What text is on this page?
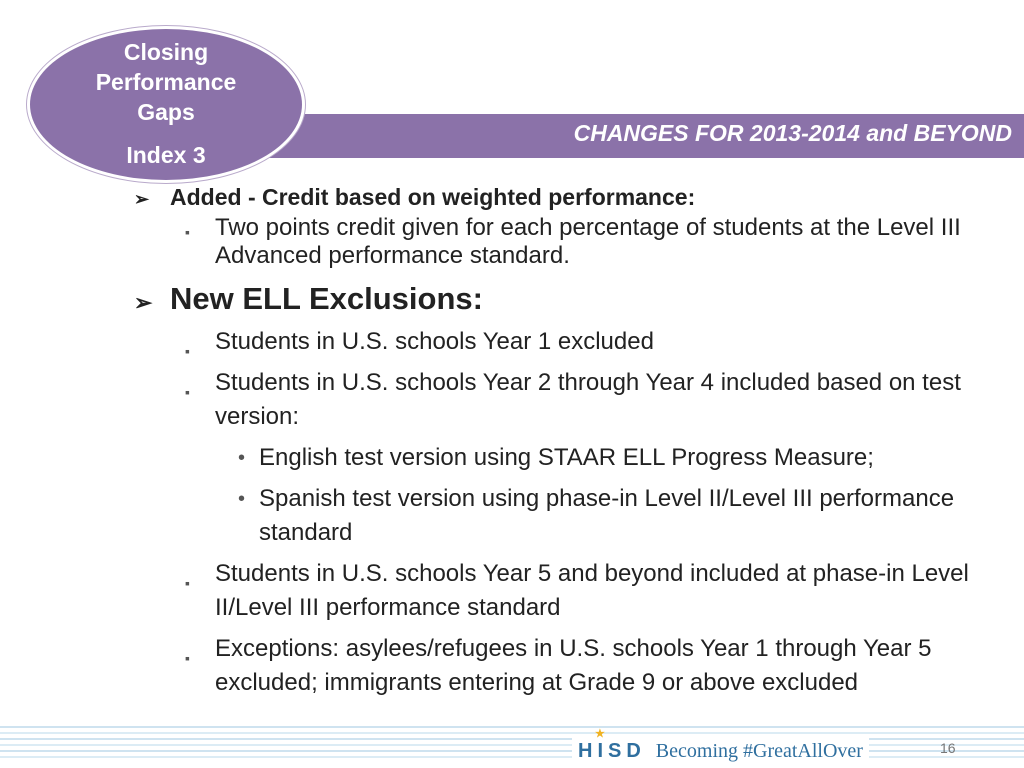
CHANGES FOR 2013-2014 and BEYOND
Closing
Performance
Gaps
Index 3
➢ Added - Credit based on weighted performance:
▪ Two points credit given for each percentage of students at the Level III Advanced performance standard.
➢ New ELL Exclusions:
▪ Students in U.S. schools Year 1 excluded
▪ Students in U.S. schools Year 2 through Year 4 included based on test version:
• English test version using STAAR ELL Progress Measure;
• Spanish test version using phase-in Level II/Level III performance standard
▪ Students in U.S. schools Year 5 and beyond included at phase-in Level II/Level III performance standard
▪ Exceptions: asylees/refugees in U.S. schools Year 1 through Year 5 excluded; immigrants entering at Grade 9 or above excluded
★
HISD Becoming #GreatAllOver	16
